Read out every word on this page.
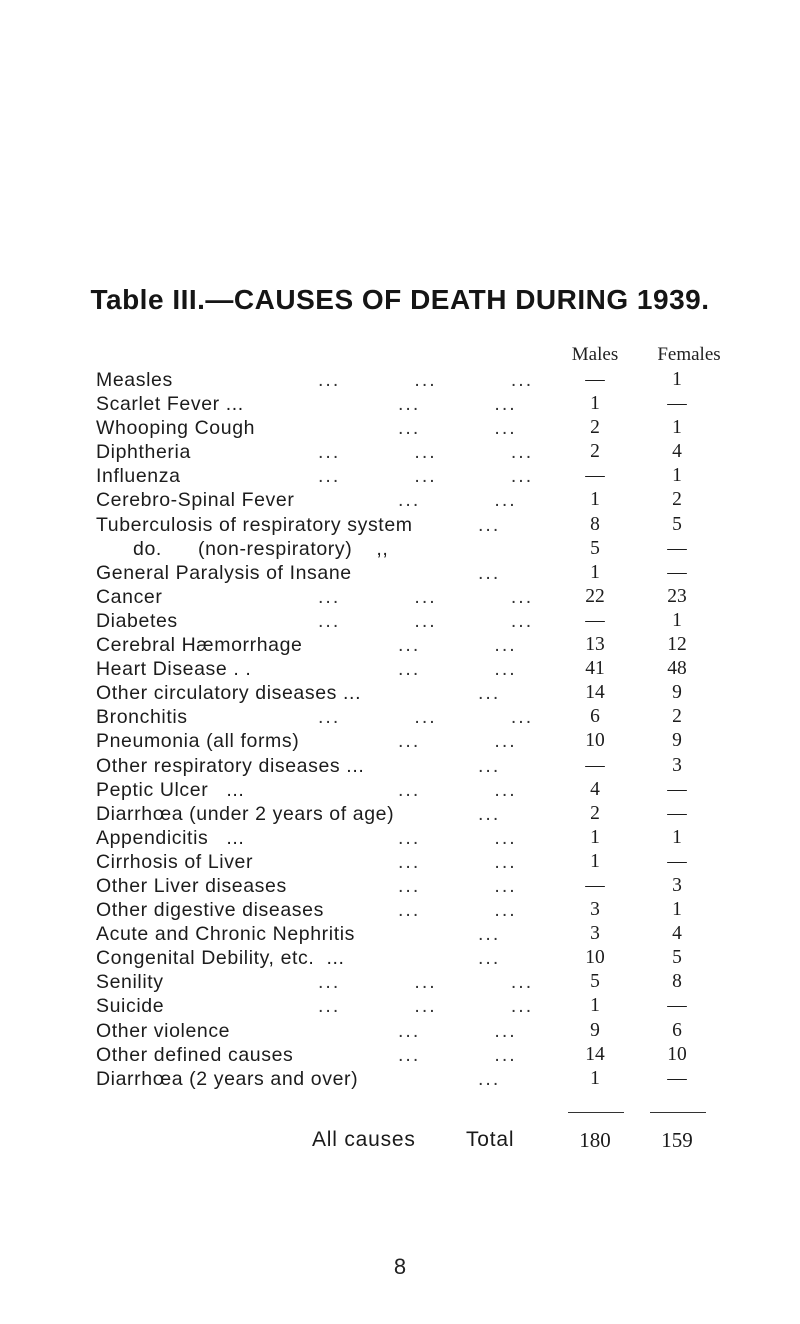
Table III.—CAUSES OF DEATH DURING 1939.
Males	Females
Measles	...          ...          ...	—	1
Scarlet Fever ...	...          ...	1	—
Whooping Cough	...          ...	2	1
Diphtheria	...          ...          ...	2	4
Influenza	...          ...          ...	—	1
Cerebro-Spinal Fever	...          ...	1	2
Tuberculosis of respiratory system	...	8	5
do.      (non-respiratory)    ,,	5	—
General Paralysis of Insane	...	1	—
Cancer	...          ...          ...	22	23
Diabetes	...          ...          ...	—	1
Cerebral Hæmorrhage	...          ...	13	12
Heart Disease . .	...          ...	41	48
Other circulatory diseases ...	...	14	9
Bronchitis	...          ...          ...	6	2
Pneumonia (all forms)	...          ...	10	9
Other respiratory diseases ...	...	—	3
Peptic Ulcer   ...	...          ...	4	—
Diarrhœa (under 2 years of age)	...	2	—
Appendicitis   ...	...          ...	1	1
Cirrhosis of Liver	...          ...	1	—
Other Liver diseases	...          ...	—	3
Other digestive diseases	...          ...	3	1
Acute and Chronic Nephritis	...	3	4
Congenital Debility, etc.  ...	...	10	5
Senility	...          ...          ...	5	8
Suicide	...          ...          ...	1	—
Other violence	...          ...	9	6
Other defined causes	...          ...	14	10
Diarrhœa (2 years and over)	...	1	—
All causes Total	180	159
8
